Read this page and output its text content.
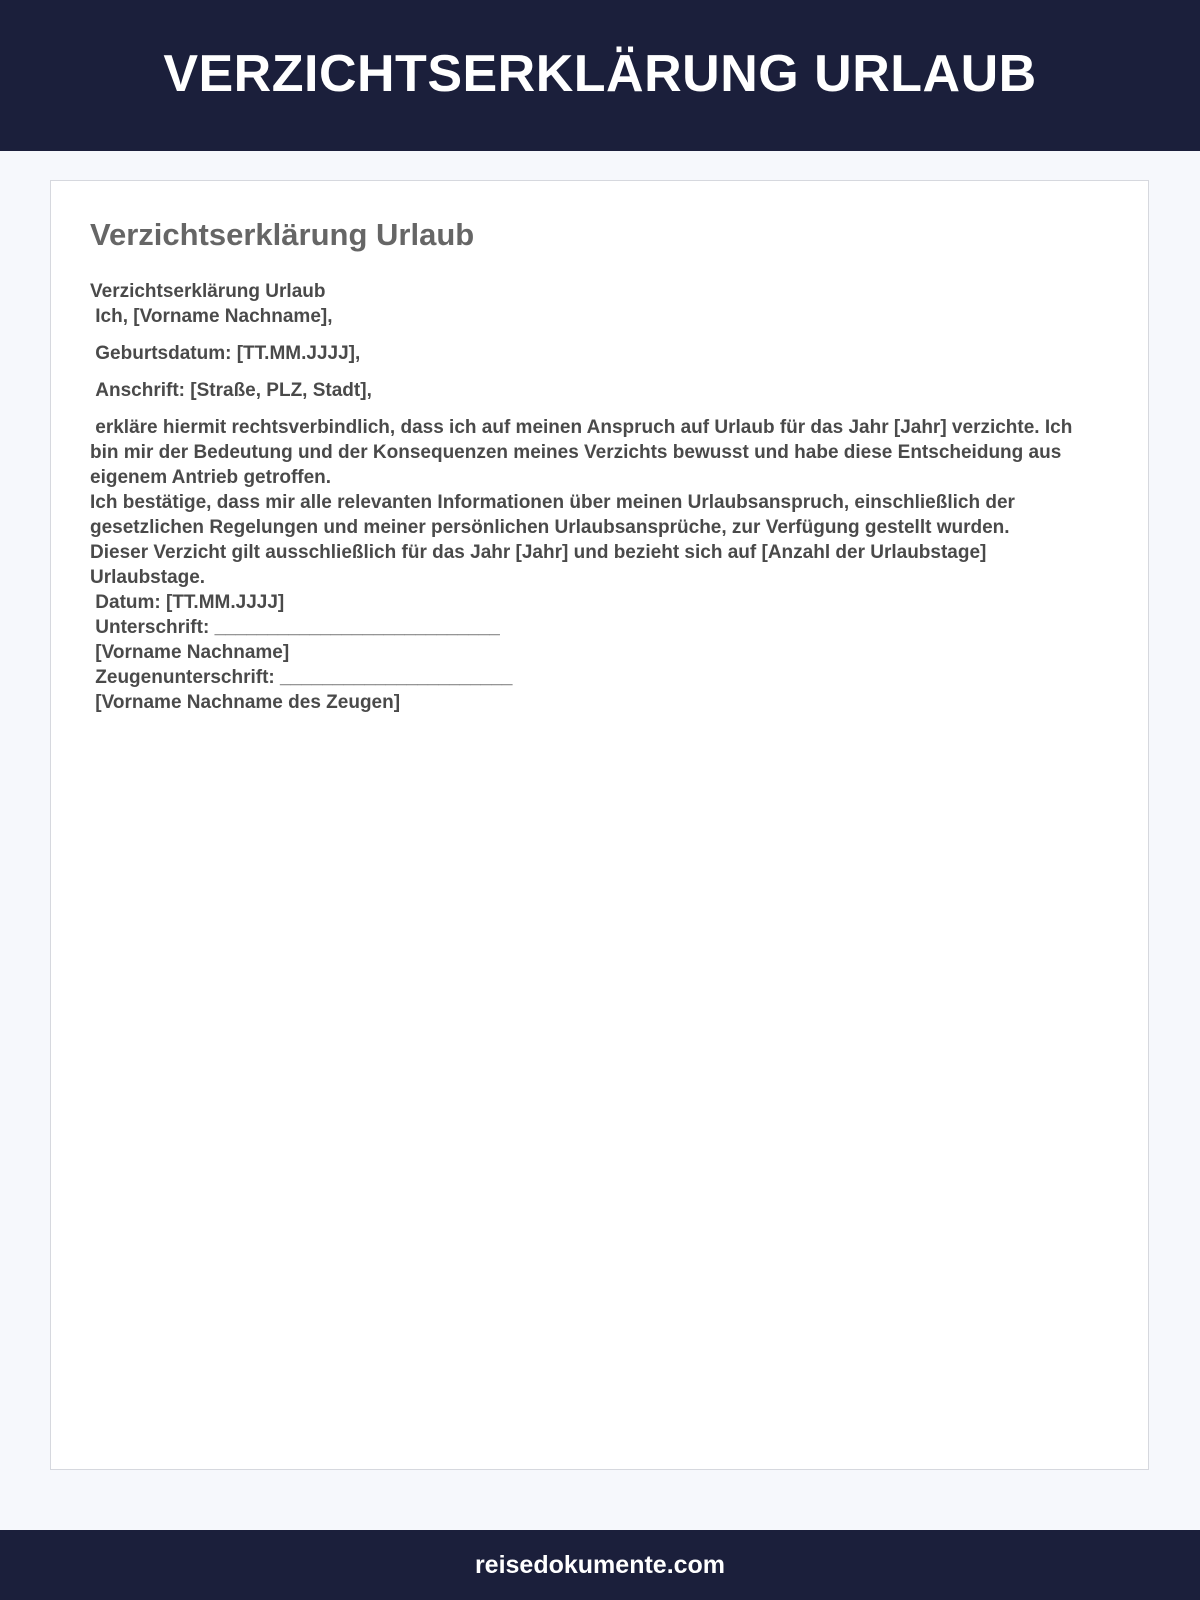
VERZICHTSERKLÄRUNG URLAUB
Verzichtserklärung Urlaub
Verzichtserklärung Urlaub
Ich, [Vorname Nachname],
Geburtsdatum: [TT.MM.JJJJ],
Anschrift: [Straße, PLZ, Stadt],
erkläre hiermit rechtsverbindlich, dass ich auf meinen Anspruch auf Urlaub für das Jahr [Jahr] verzichte. Ich bin mir der Bedeutung und der Konsequenzen meines Verzichts bewusst und habe diese Entscheidung aus eigenem Antrieb getroffen.
Ich bestätige, dass mir alle relevanten Informationen über meinen Urlaubsanspruch, einschließlich der gesetzlichen Regelungen und meiner persönlichen Urlaubsansprüche, zur Verfügung gestellt wurden.
Dieser Verzicht gilt ausschließlich für das Jahr [Jahr] und bezieht sich auf [Anzahl der Urlaubstage] Urlaubstage.
Datum: [TT.MM.JJJJ]
Unterschrift: ___________________________
[Vorname Nachname]
Zeugenunterschrift: ______________________
[Vorname Nachname des Zeugen]
reisedokumente.com
